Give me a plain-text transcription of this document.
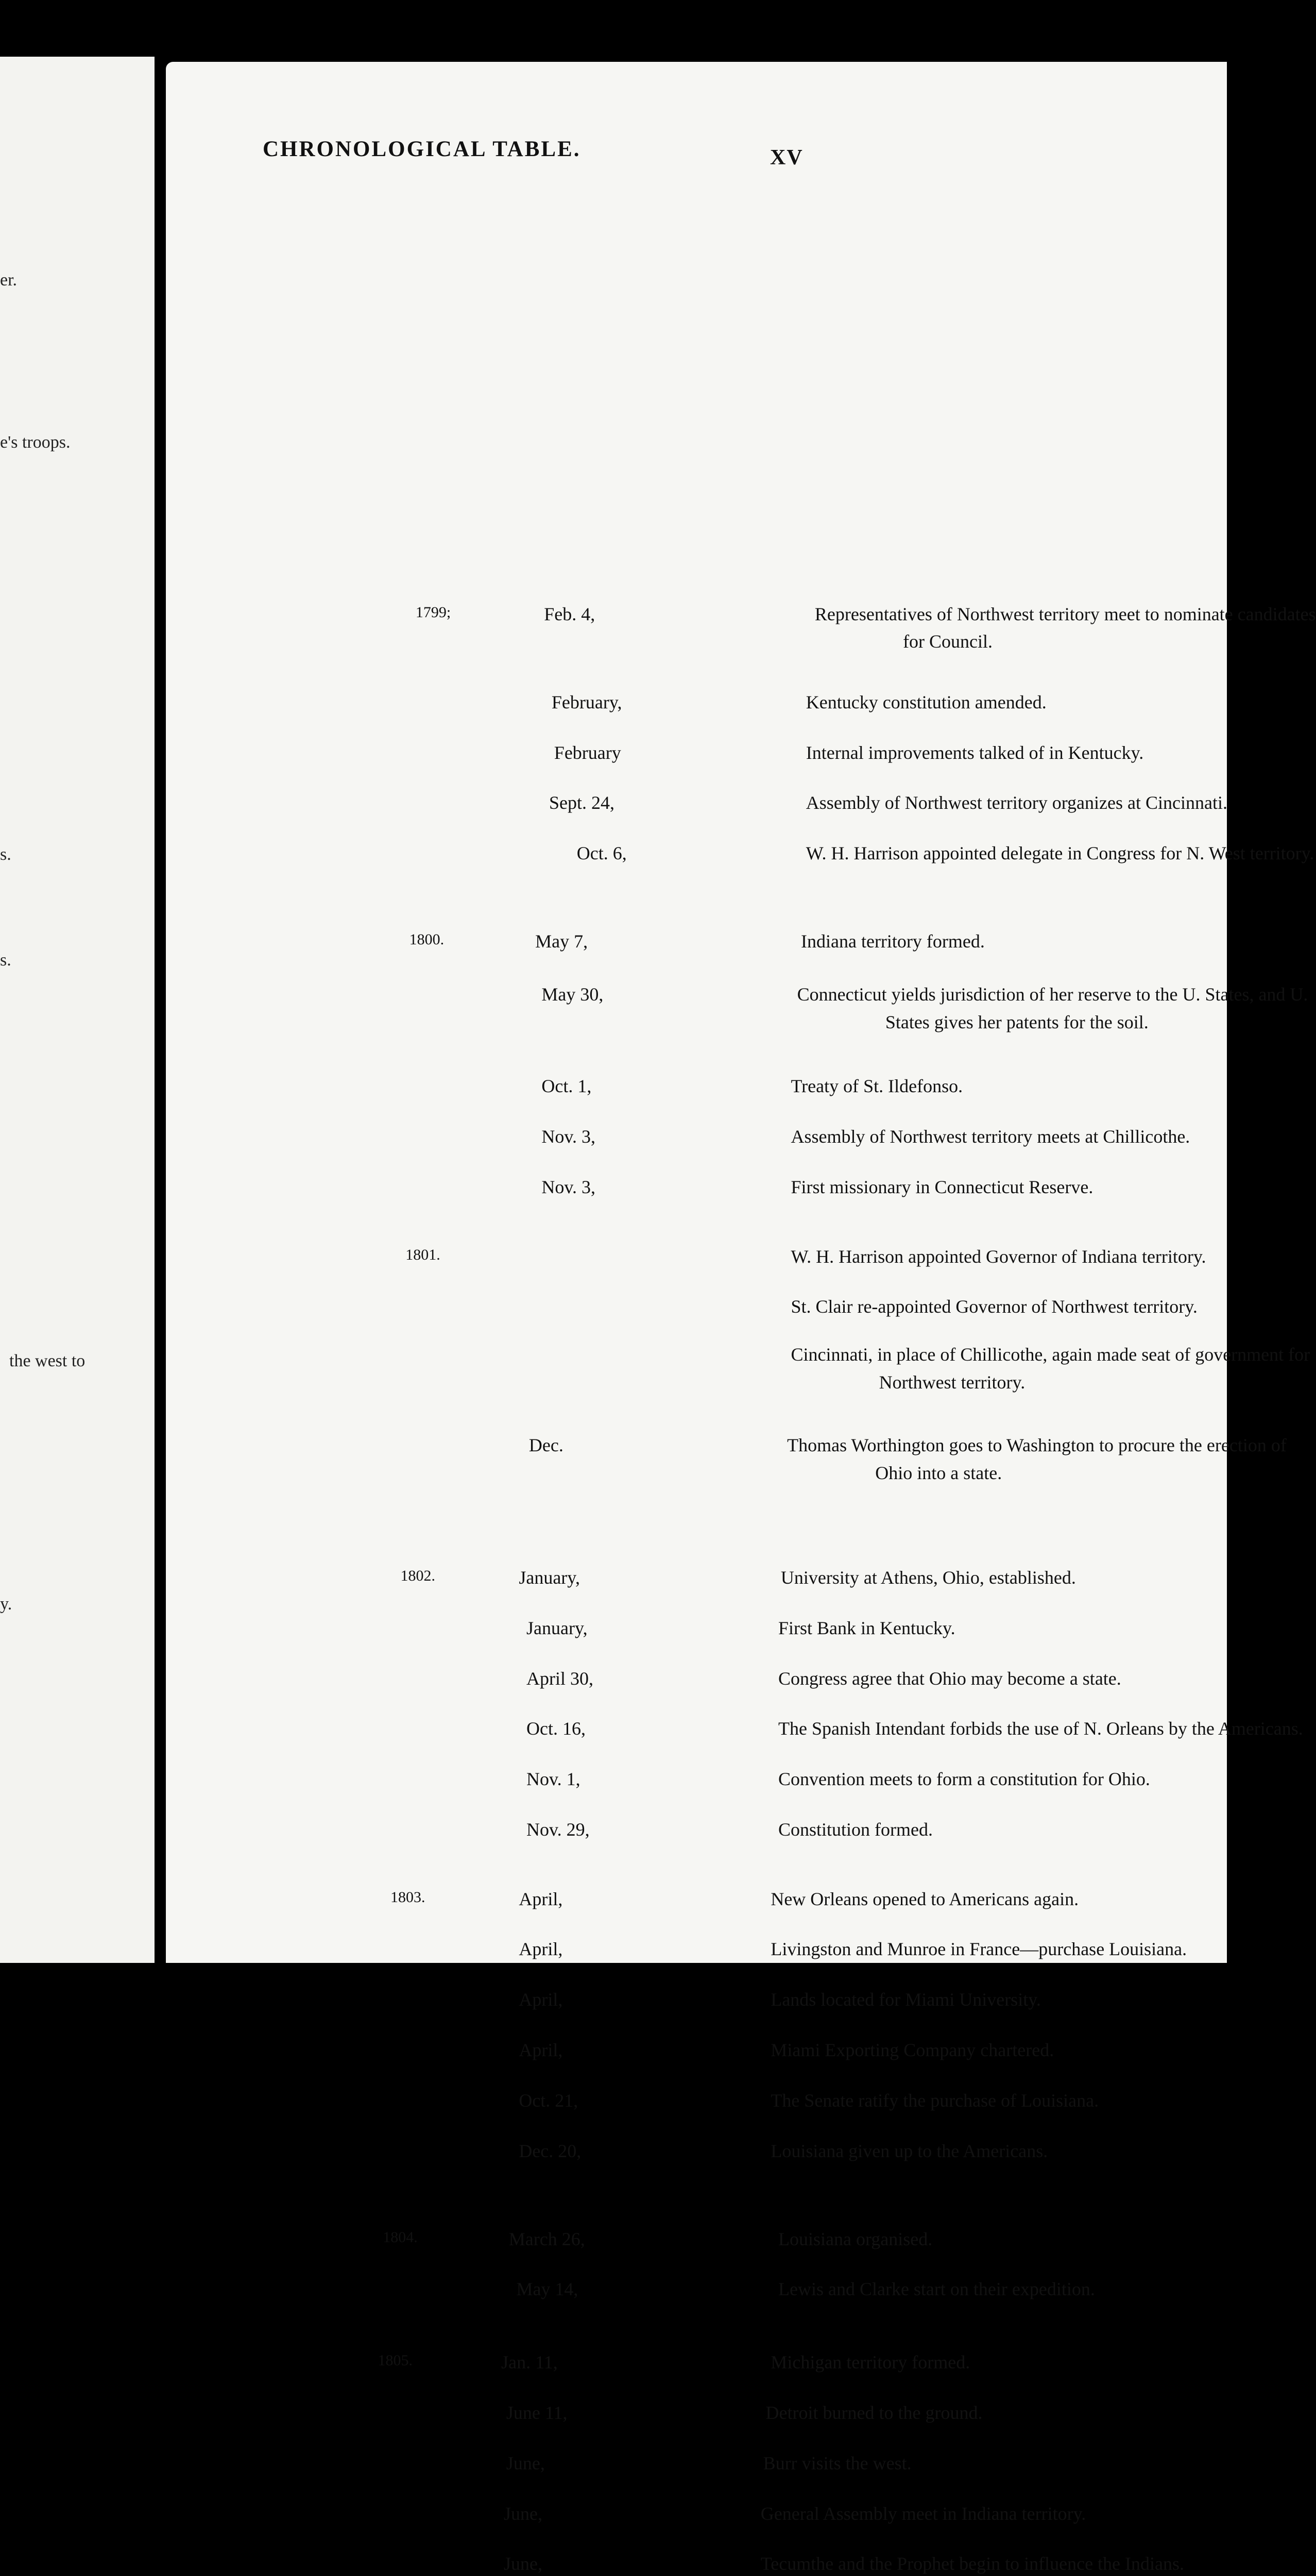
er.
e's troops.
s.
s.
the west to
y.
CHRONOLOGICAL TABLE.	XV
1799;	Feb. 4,	Representatives of Northwest territory meet to nominate candidates
for Council.
February,	Kentucky constitution amended.
February	Internal improvements talked of in Kentucky.
Sept. 24,	Assembly of Northwest territory organizes at Cincinnati.
Oct. 6,	W. H. Harrison appointed delegate in Congress for N. West territory.
1800.	May 7,	Indiana territory formed.
May 30,	Connecticut yields jurisdiction of her reserve to the U. States, and U.
States gives her patents for the soil.
Oct. 1,	Treaty of St. Ildefonso.
Nov. 3,	Assembly of Northwest territory meets at Chillicothe.
Nov. 3,	First missionary in Connecticut Reserve.
1801.	W. H. Harrison appointed Governor of Indiana territory.
St. Clair re-appointed Governor of Northwest territory.
Cincinnati, in place of Chillicothe, again made seat of government for
Northwest territory.
Dec.	Thomas Worthington goes to Washington to procure the erection of
Ohio into a state.
1802.	January,	University at Athens, Ohio, established.
January,	First Bank in Kentucky.
April 30,	Congress agree that Ohio may become a state.
Oct. 16,	The Spanish Intendant forbids the use of N. Orleans by the Americans.
Nov. 1,	Convention meets to form a constitution for Ohio.
Nov. 29,	Constitution formed.
1803.	April,	New Orleans opened to Americans again.
April,	Livingston and Munroe in France—purchase Louisiana.
April,	Lands located for Miami University.
April,	Miami Exporting Company chartered.
Oct. 21,	The Senate ratify the purchase of Louisiana.
Dec. 20,	Louisiana given up to the Americans.
1804.	March 26,	Louisiana organised.
May 14,	Lewis and Clarke start on their expedition.
1805.	Jan. 11,	Michigan territory formed.
June 11,	Detroit burned to the ground.
June,	Burr visits the west.
June,	General Assembly meet in Indiana territory.
June,	Tecumthe and the Prophet begin to influence the Indians.
